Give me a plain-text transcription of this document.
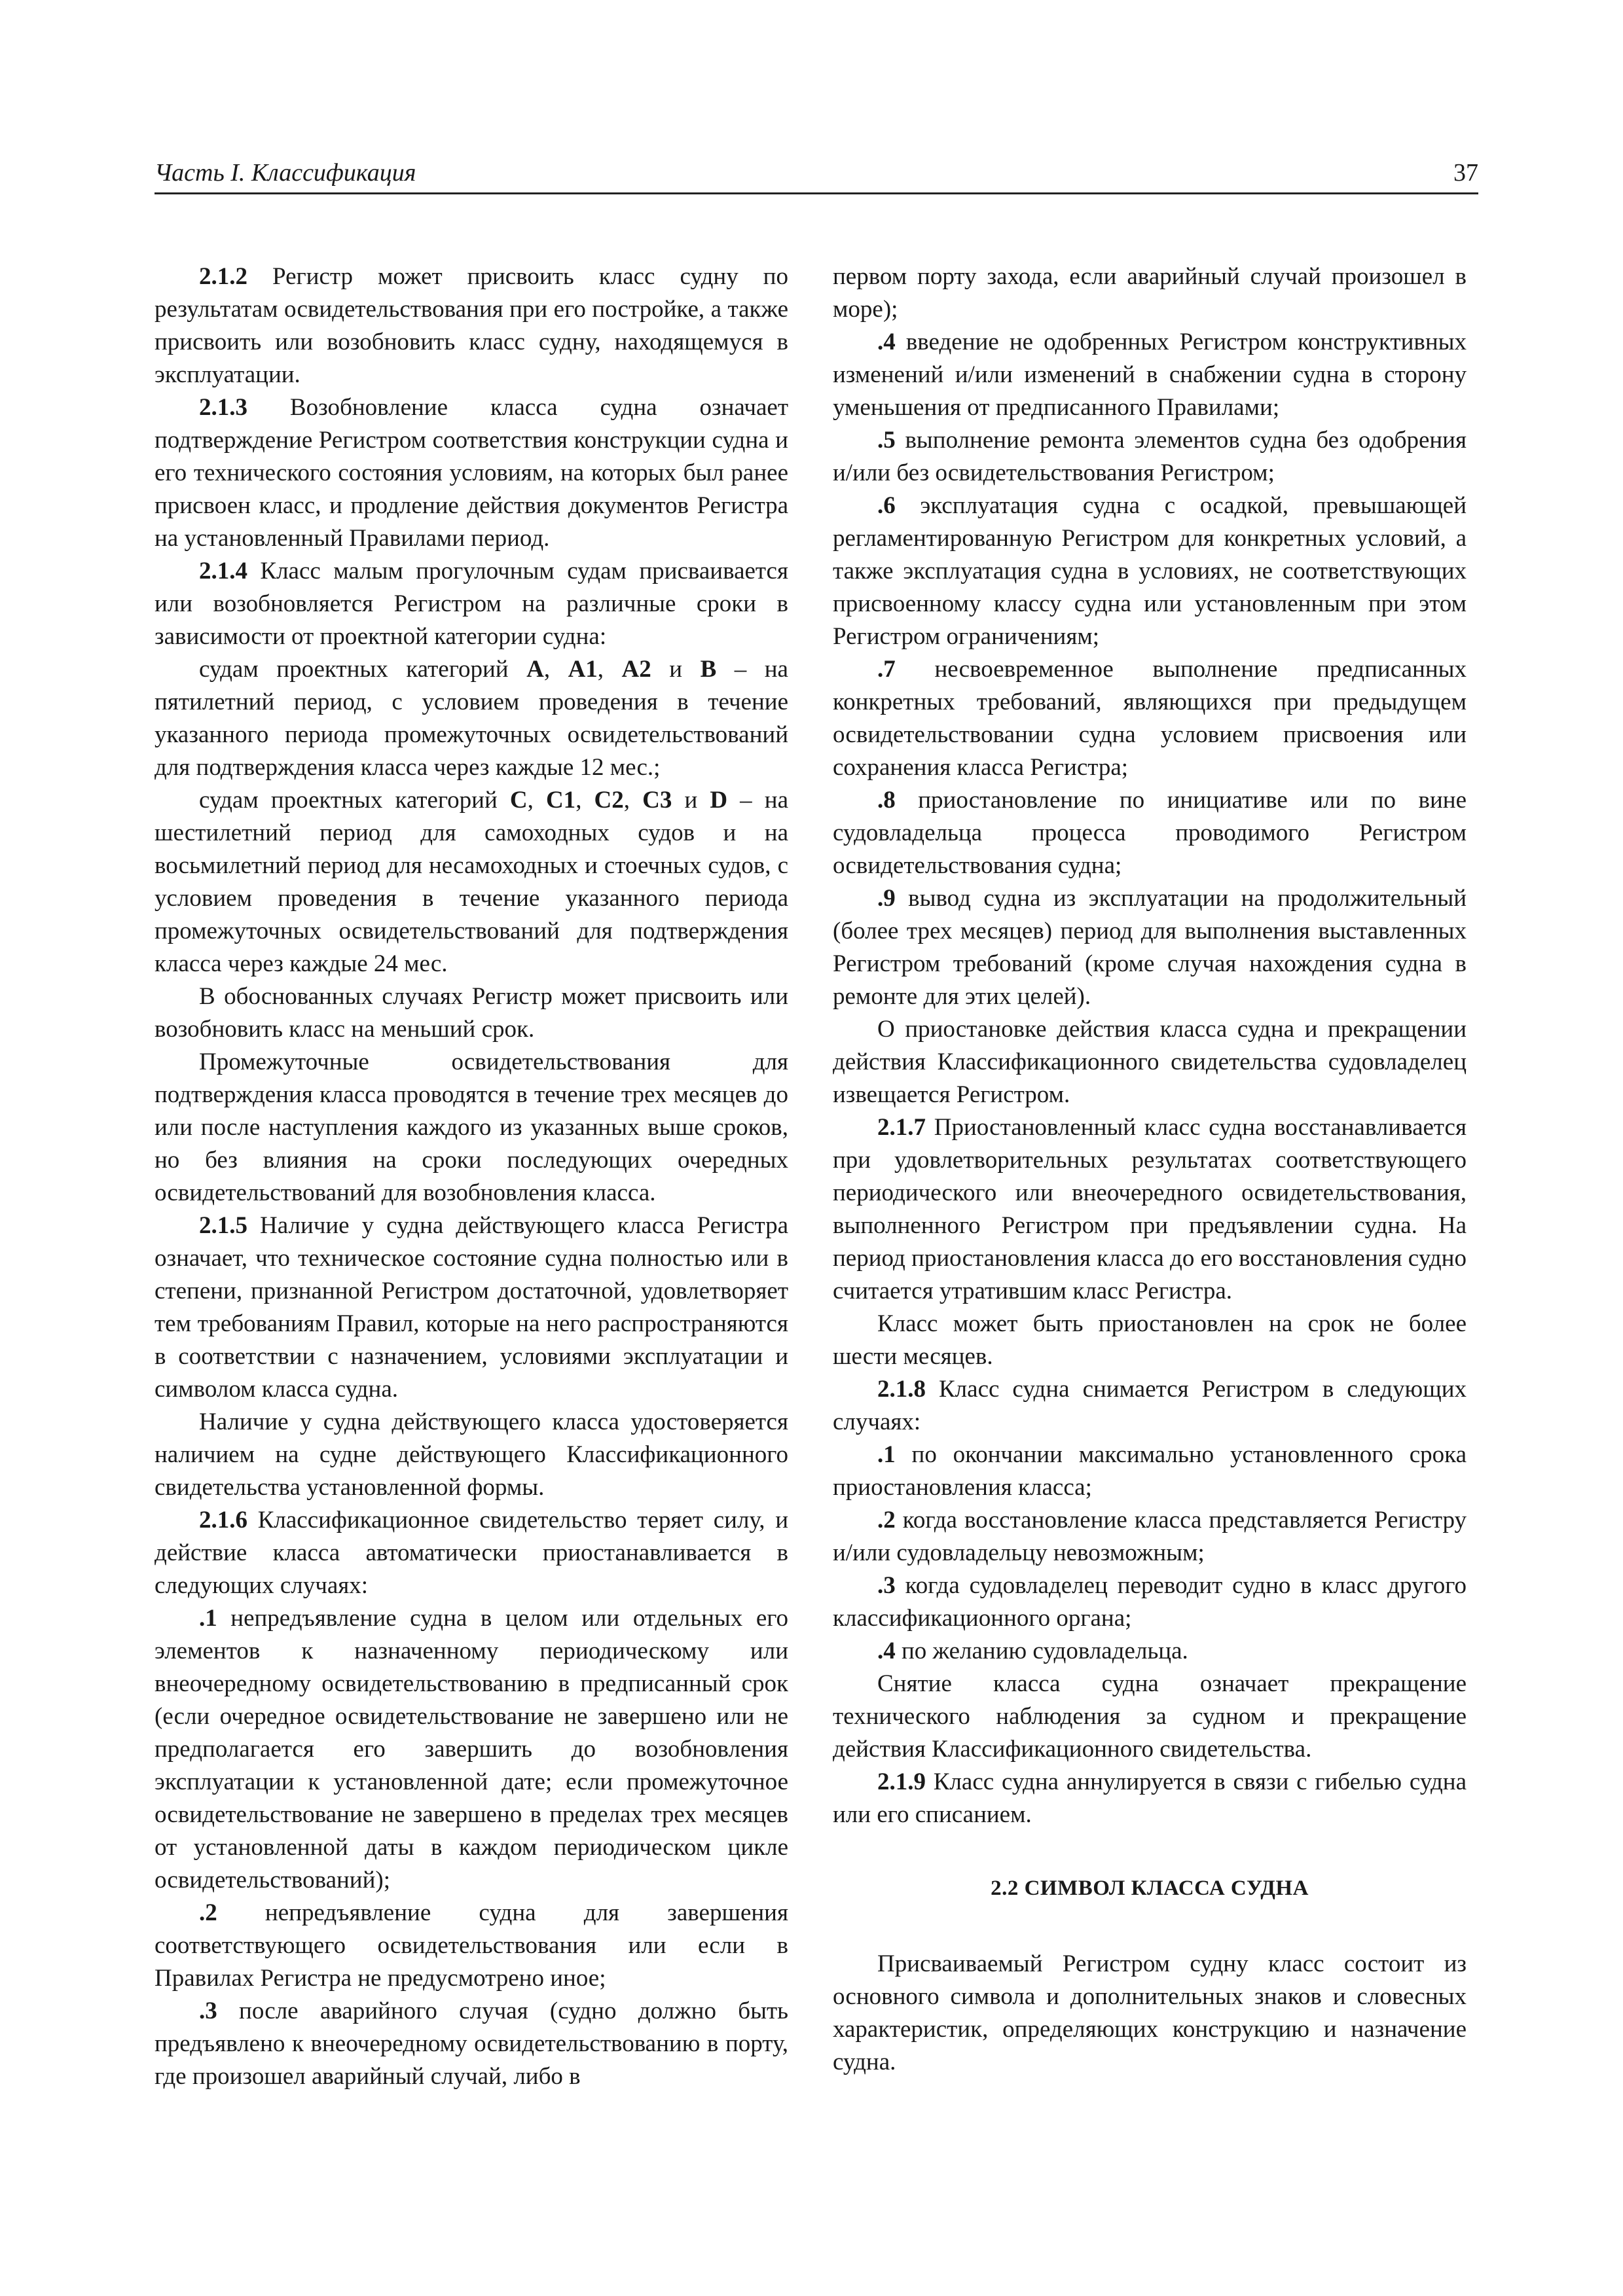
Часть I. Классификация	37

2.1.2 Регистр может присвоить класс судну по результатам освидетельствования при его постройке, а также присвоить или возобновить класс судну, находящемуся в эксплуатации.

2.1.3 Возобновление класса судна означает подтверждение Регистром соответствия конструкции судна и его технического состояния условиям, на которых был ранее присвоен класс, и продление действия документов Регистра на установленный Правилами период.

2.1.4 Класс малым прогулочным судам присваивается или возобновляется Регистром на различные сроки в зависимости от проектной категории судна:

судам проектных категорий A, A1, A2 и B – на пятилетний период, с условием проведения в течение указанного периода промежуточных освидетельствований для подтверждения класса через каждые 12 мес.;

судам проектных категорий C, C1, C2, C3 и D – на шестилетний период для самоходных судов и на восьмилетний период для несамоходных и стоечных судов, с условием проведения в течение указанного периода промежуточных освидетельствований для подтверждения класса через каждые 24 мес.

В обоснованных случаях Регистр может присвоить или возобновить класс на меньший срок.

Промежуточные освидетельствования для подтверждения класса проводятся в течение трех месяцев до или после наступления каждого из указанных выше сроков, но без влияния на сроки последующих очередных освидетельствований для возобновления класса.

2.1.5 Наличие у судна действующего класса Регистра означает, что техническое состояние судна полностью или в степени, признанной Регистром достаточной, удовлетворяет тем требованиям Правил, которые на него распространяются в соответствии с назначением, условиями эксплуатации и символом класса судна.

Наличие у судна действующего класса удостоверяется наличием на судне действующего Классификационного свидетельства установленной формы.

2.1.6 Классификационное свидетельство теряет силу, и действие класса автоматически приостанавливается в следующих случаях:

.1 непредъявление судна в целом или отдельных его элементов к назначенному периодическому или внеочередному освидетельствованию в предписанный срок (если очередное освидетельствование не завершено или не предполагается его завершить до возобновления эксплуатации к установленной дате; если промежуточное освидетельствование не завершено в пределах трех месяцев от установленной даты в каждом периодическом цикле освидетельствований);

.2 непредъявление судна для завершения соответствующего освидетельствования или если в Правилах Регистра не предусмотрено иное;

.3 после аварийного случая (судно должно быть предъявлено к внеочередному освидетельствованию в порту, где произошел аварийный случай, либо в

первом порту захода, если аварийный случай произошел в море);

.4 введение не одобренных Регистром конструктивных изменений и/или изменений в снабжении судна в сторону уменьшения от предписанного Правилами;

.5 выполнение ремонта элементов судна без одобрения и/или без освидетельствования Регистром;

.6 эксплуатация судна с осадкой, превышающей регламентированную Регистром для конкретных условий, а также эксплуатация судна в условиях, не соответствующих присвоенному классу судна или установленным при этом Регистром ограничениям;

.7 несвоевременное выполнение предписанных конкретных требований, являющихся при предыдущем освидетельствовании судна условием присвоения или сохранения класса Регистра;

.8 приостановление по инициативе или по вине судовладельца процесса проводимого Регистром освидетельствования судна;

.9 вывод судна из эксплуатации на продолжительный (более трех месяцев) период для выполнения выставленных Регистром требований (кроме случая нахождения судна в ремонте для этих целей).

О приостановке действия класса судна и прекращении действия Классификационного свидетельства судовладелец извещается Регистром.

2.1.7 Приостановленный класс судна восстанавливается при удовлетворительных результатах соответствующего периодического или внеочередного освидетельствования, выполненного Регистром при предъявлении судна. На период приостановления класса до его восстановления судно считается утратившим класс Регистра.

Класс может быть приостановлен на срок не более шести месяцев.

2.1.8 Класс судна снимается Регистром в следующих случаях:

.1 по окончании максимально установленного срока приостановления класса;

.2 когда восстановление класса представляется Регистру и/или судовладельцу невозможным;

.3 когда судовладелец переводит судно в класс другого классификационного органа;

.4 по желанию судовладельца.

Снятие класса судна означает прекращение технического наблюдения за судном и прекращение действия Классификационного свидетельства.

2.1.9 Класс судна аннулируется в связи с гибелью судна или его списанием.

2.2 СИМВОЛ КЛАССА СУДНА

Присваиваемый Регистром судну класс состоит из основного символа и дополнительных знаков и словесных характеристик, определяющих конструкцию и назначение судна.
